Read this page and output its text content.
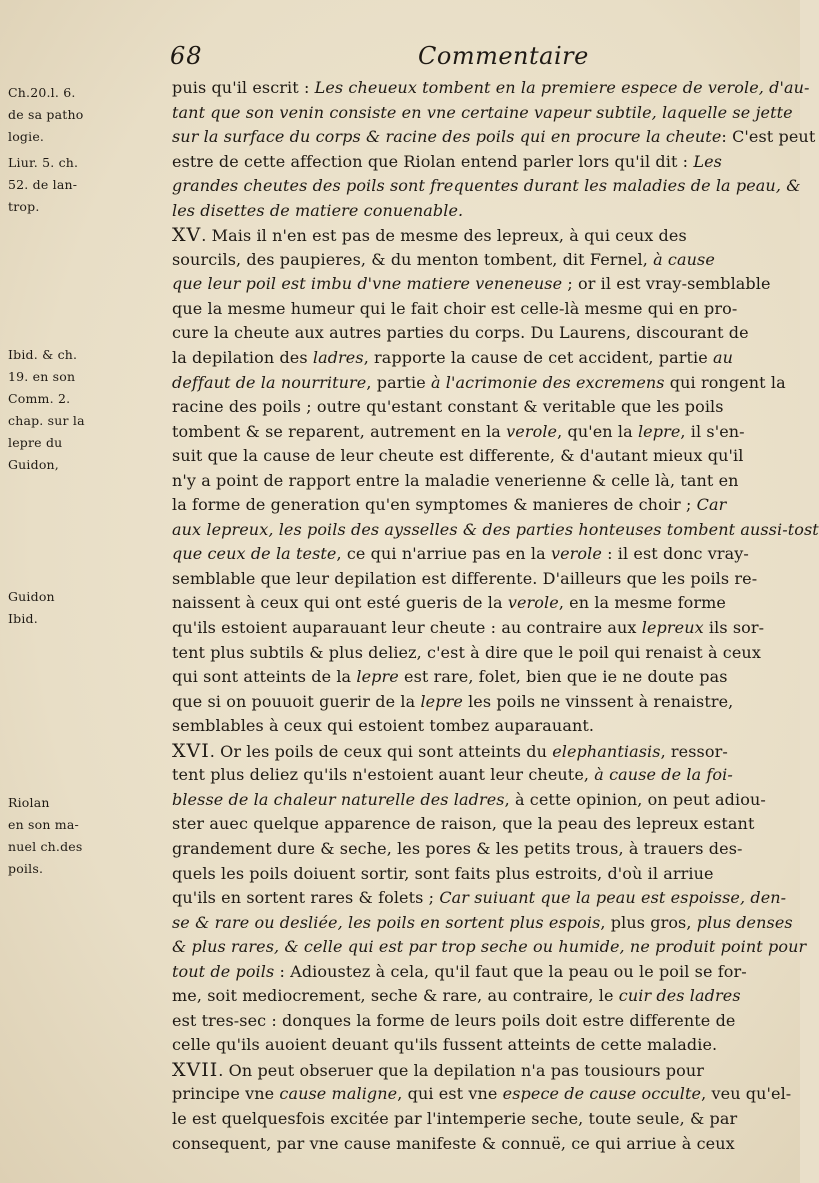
68	Commentaire
Ch.20.l. 6.
de sa patho
logie.
Liur. 5. ch.
52. de lan-
trop.
Ibid. & ch.
19. en son
Comm. 2.
chap. sur la
lepre du
Guidon,
Guidon
Ibid.
Riolan
en son ma-
nuel ch.des
poils.
puis qu'il escrit : Les cheueux tombent en la premiere espece de verole, d'au-
tant que son venin consiste en vne certaine vapeur subtile, laquelle se jette
sur la surface du corps & racine des poils qui en procure la cheute: C'est peut
estre de cette affection que Riolan entend parler lors qu'il dit : Les
grandes cheutes des poils sont frequentes durant les maladies de la peau, &
les disettes de matiere conuenable.
XV. Mais il n'en est pas de mesme des lepreux, à qui ceux des
sourcils, des paupieres, & du menton tombent, dit Fernel, à cause
que leur poil est imbu d'vne matiere veneneuse ; or il est vray-semblable
que la mesme humeur qui le fait choir est celle-là mesme qui en pro-
cure la cheute aux autres parties du corps. Du Laurens, discourant de
la depilation des ladres, rapporte la cause de cet accident, partie au
deffaut de la nourriture, partie à l'acrimonie des excremens qui rongent la
racine des poils ; outre qu'estant constant & veritable que les poils
tombent & se reparent, autrement en la verole, qu'en la lepre, il s'en-
suit que la cause de leur cheute est differente, & d'autant mieux qu'il
n'y a point de rapport entre la maladie venerienne & celle là, tant en
la forme de generation qu'en symptomes & manieres de choir ; Car
aux lepreux, les poils des aysselles & des parties honteuses tombent aussi-tost
que ceux de la teste, ce qui n'arriue pas en la verole : il est donc vray-
semblable que leur depilation est differente. D'ailleurs que les poils re-
naissent à ceux qui ont esté gueris de la verole, en la mesme forme
qu'ils estoient auparauant leur cheute : au contraire aux lepreux ils sor-
tent plus subtils & plus deliez, c'est à dire que le poil qui renaist à ceux
qui sont atteints de la lepre est rare, folet, bien que ie ne doute pas
que si on pouuoit guerir de la lepre les poils ne vinssent à renaistre,
semblables à ceux qui estoient tombez auparauant.
XVI. Or les poils de ceux qui sont atteints du elephantiasis, ressor-
tent plus deliez qu'ils n'estoient auant leur cheute, à cause de la foi-
blesse de la chaleur naturelle des ladres, à cette opinion, on peut adiou-
ster auec quelque apparence de raison, que la peau des lepreux estant
grandement dure & seche, les pores & les petits trous, à trauers des-
quels les poils doiuent sortir, sont faits plus estroits, d'où il arriue
qu'ils en sortent rares & folets ; Car suiuant que la peau est espoisse, den-
se & rare ou desliée, les poils en sortent plus espois, plus gros, plus denses
& plus rares, & celle qui est par trop seche ou humide, ne produit point pour
tout de poils : Adioustez à cela, qu'il faut que la peau ou le poil se for-
me, soit mediocrement, seche & rare, au contraire, le cuir des ladres
est tres-sec : donques la forme de leurs poils doit estre differente de
celle qu'ils auoient deuant qu'ils fussent atteints de cette maladie.
XVII. On peut obseruer que la depilation n'a pas tousiours pour
principe vne cause maligne, qui est vne espece de cause occulte, veu qu'el-
le est quelquesfois excitée par l'intemperie seche, toute seule, & par
consequent, par vne cause manifeste & connuë, ce qui arriue à ceux
